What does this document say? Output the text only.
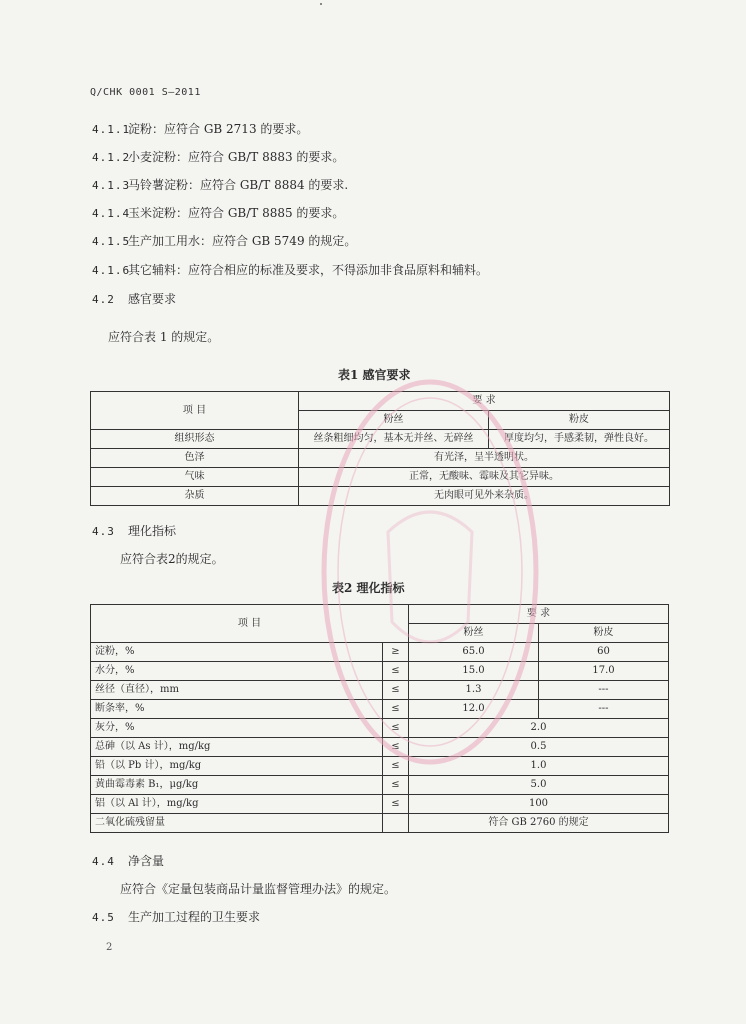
Q/CHK 0001 S—2011
4.1.1淀粉：应符合 GB 2713 的要求。
4.1.2小麦淀粉：应符合 GB/T 8883 的要求。
4.1.3马铃薯淀粉：应符合 GB/T 8884 的要求.
4.1.4玉米淀粉：应符合 GB/T 8885 的要求。
4.1.5生产加工用水：应符合 GB 5749 的规定。
4.1.6其它辅料：应符合相应的标准及要求，不得添加非食品原料和辅料。
4.2 感官要求
应符合表 1 的规定。
表1 感官要求
项 目	要 求	
	粉丝	粉皮
组织形态	丝条粗细均匀，基本无并丝、无碎丝	厚度均匀，手感柔韧，弹性良好。
色泽	有光泽，呈半透明状。	
气味	正常，无酸味、霉味及其它异味。	
杂质	无肉眼可见外来杂质。	
4.3 理化指标
应符合表2的规定。
表2 理化指标
项 目		要 求	
		粉丝	粉皮
淀粉，%	≥	65.0	60
水分，%	≤	15.0	17.0
丝径（直径），mm	≤	1.3	---
断条率，%	≤	12.0	---
灰分，%	≤	2.0	
总砷（以 As 计），mg/kg	≤	0.5	
铅（以 Pb 计），mg/kg	≤	1.0	
黄曲霉毒素 B₁，μg/kg	≤	5.0	
铝（以 Al 计），mg/kg	≤	100	
二氧化硫残留量		符合 GB 2760 的规定	
4.4 净含量
应符合《定量包装商品计量监督管理办法》的规定。
4.5 生产加工过程的卫生要求
2
